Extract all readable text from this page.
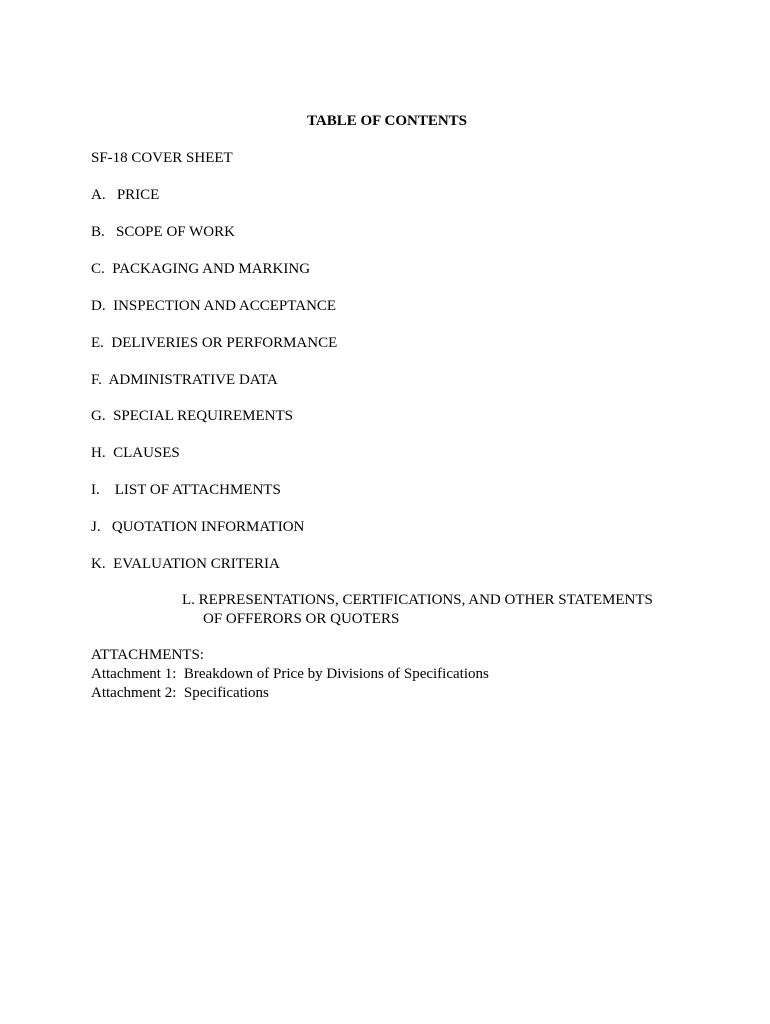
TABLE OF CONTENTS
SF-18 COVER SHEET
A.   PRICE
B.   SCOPE OF WORK
C.  PACKAGING AND MARKING
D.  INSPECTION AND ACCEPTANCE
E.  DELIVERIES OR PERFORMANCE
F.  ADMINISTRATIVE DATA
G.  SPECIAL REQUIREMENTS
H.  CLAUSES
I.    LIST OF ATTACHMENTS
J.   QUOTATION INFORMATION
K.  EVALUATION CRITERIA
L. REPRESENTATIONS, CERTIFICATIONS, AND OTHER STATEMENTS
OF OFFERORS OR QUOTERS
ATTACHMENTS:
Attachment 1:  Breakdown of Price by Divisions of Specifications
Attachment 2:  Specifications
